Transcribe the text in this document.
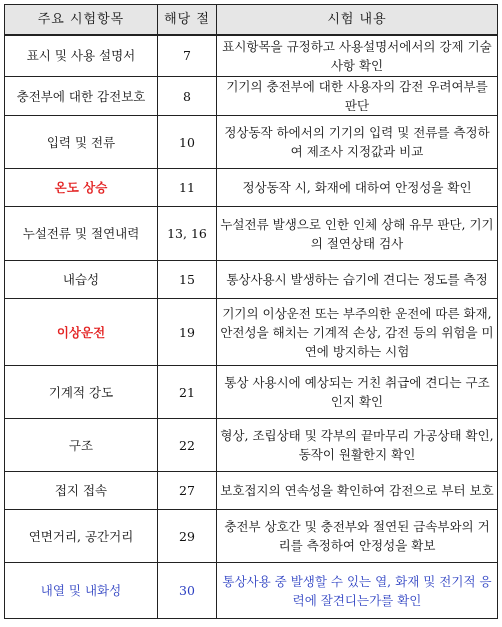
주요 시험항목	해당 절	시험 내용
표시 및 사용 설명서	7	표시항목을 규정하고 사용설명서에서의 강제 기술사항 확인
충전부에 대한 감전보호	8	기기의 충전부에 대한 사용자의 감전 우려여부를 판단
입력 및 전류	10	정상동작 하에서의 기기의 입력 및 전류를 측정하여 제조사 지정값과 비교
온도 상승	11	정상동작 시, 화재에 대하여 안정성을 확인
누설전류 및 절연내력	13, 16	누설전류 발생으로 인한 인체 상해 유무 판단, 기기의 절연상태 검사
내습성	15	통상사용시 발생하는 습기에 견디는 정도를 측정
이상운전	19	기기의 이상운전 또는 부주의한 운전에 따른 화재, 안전성을 해치는 기계적 손상, 감전 등의 위험을 미연에 방지하는 시험
기계적 강도	21	통상 사용시에 예상되는 거친 취급에 견디는 구조인지 확인
구조	22	형상, 조립상태 및 각부의 끝마무리 가공상태 확인, 동작이 원활한지 확인
접지 접속	27	보호접지의 연속성을 확인하여 감전으로 부터 보호
연면거리, 공간거리	29	충전부 상호간 및 충전부와 절연된 금속부와의 거리를 측정하여 안정성을 확보
내열 및 내화성	30	통상사용 중 발생할 수 있는 열, 화재 및 전기적 응력에 잘견디는가를 확인
